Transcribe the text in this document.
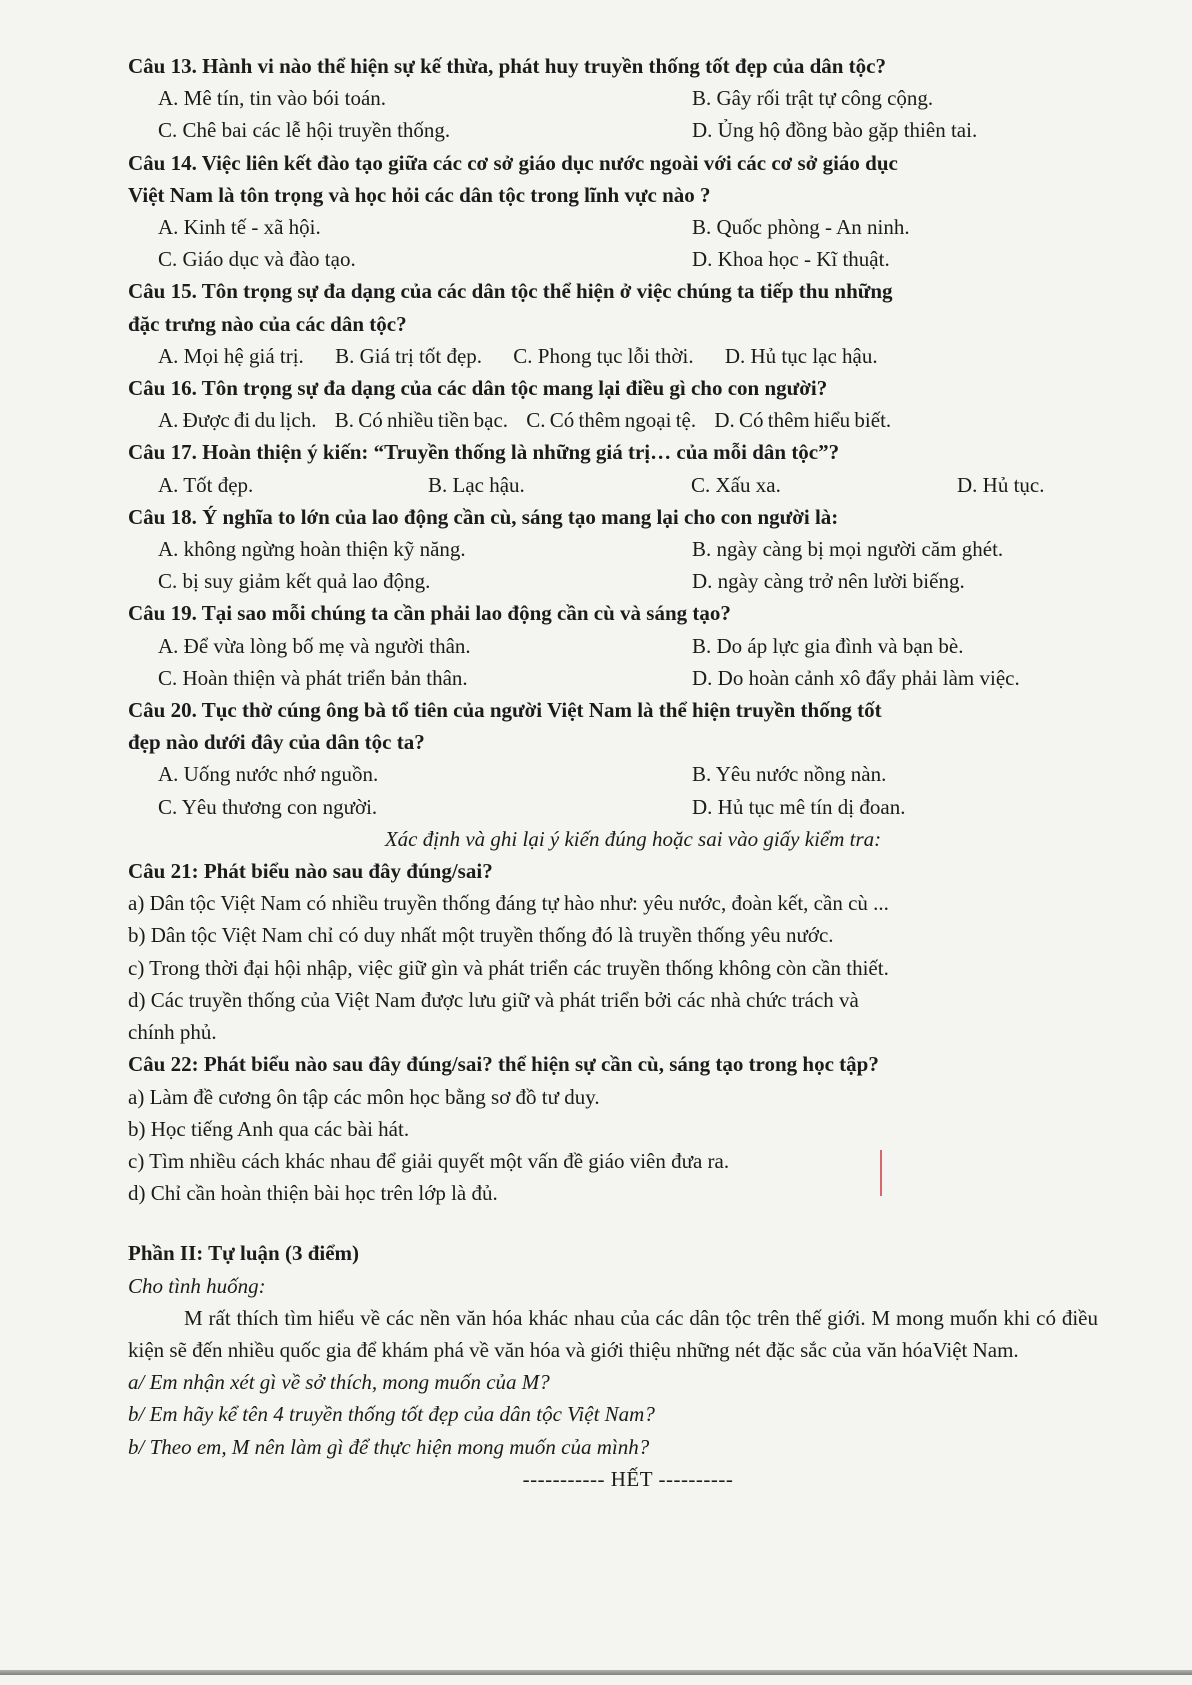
Câu 13. Hành vi nào thể hiện sự kế thừa, phát huy truyền thống tốt đẹp của dân tộc?
A. Mê tín, tin vào bói toán.	B. Gây rối trật tự công cộng.
C. Chê bai các lễ hội truyền thống.	D. Ủng hộ đồng bào gặp thiên tai.
Câu 14. Việc liên kết đào tạo giữa các cơ sở giáo dục nước ngoài với các cơ sở giáo dục
Việt Nam là tôn trọng và học hỏi các dân tộc trong lĩnh vực nào ?
A. Kinh tế - xã hội.	B. Quốc phòng - An ninh.
C. Giáo dục và đào tạo.	D. Khoa học - Kĩ thuật.
Câu 15. Tôn trọng sự đa dạng của các dân tộc thể hiện ở việc chúng ta tiếp thu những
đặc trưng nào của các dân tộc?
A. Mọi hệ giá trị. B. Giá trị tốt đẹp. C. Phong tục lỗi thời. D. Hủ tục lạc hậu.
Câu 16. Tôn trọng sự đa dạng của các dân tộc mang lại điều gì cho con người?
A. Được đi du lịch. B. Có nhiều tiền bạc. C. Có thêm ngoại tệ. D. Có thêm hiểu biết.
Câu 17. Hoàn thiện ý kiến: “Truyền thống là những giá trị… của mỗi dân tộc”?
A. Tốt đẹp.	B. Lạc hậu.	C. Xấu xa.	D. Hủ tục.
Câu 18. Ý nghĩa to lớn của lao động cần cù, sáng tạo mang lại cho con người là:
A. không ngừng hoàn thiện kỹ năng.	B. ngày càng bị mọi người căm ghét.
C. bị suy giảm kết quả lao động.	D. ngày càng trở nên lười biếng.
Câu 19. Tại sao mỗi chúng ta cần phải lao động cần cù và sáng tạo?
A. Để vừa lòng bố mẹ và người thân.	B. Do áp lực gia đình và bạn bè.
C. Hoàn thiện và phát triển bản thân.	D. Do hoàn cảnh xô đẩy phải làm việc.
Câu 20. Tục thờ cúng ông bà tổ tiên của người Việt Nam là thể hiện truyền thống tốt
đẹp nào dưới đây của dân tộc ta?
A. Uống nước nhớ nguồn.	B. Yêu nước nồng nàn.
C. Yêu thương con người.	D. Hủ tục mê tín dị đoan.
Xác định và ghi lại ý kiến đúng hoặc sai vào giấy kiểm tra:
Câu 21: Phát biểu nào sau đây đúng/sai?
a) Dân tộc Việt Nam có nhiều truyền thống đáng tự hào như: yêu nước, đoàn kết, cần cù ...
b) Dân tộc Việt Nam chỉ có duy nhất một truyền thống đó là truyền thống yêu nước.
c) Trong thời đại hội nhập, việc giữ gìn và phát triển các truyền thống không còn cần thiết.
d) Các truyền thống của Việt Nam được lưu giữ và phát triển bởi các nhà chức trách và
chính phủ.
Câu 22: Phát biểu nào sau đây đúng/sai? thể hiện sự cần cù, sáng tạo trong học tập?
a) Làm đề cương ôn tập các môn học bằng sơ đồ tư duy.
b) Học tiếng Anh qua các bài hát.
c) Tìm nhiều cách khác nhau để giải quyết một vấn đề giáo viên đưa ra.
d) Chỉ cần hoàn thiện bài học trên lớp là đủ.
Phần II: Tự luận (3 điểm)
Cho tình huống:
M rất thích tìm hiểu về các nền văn hóa khác nhau của các dân tộc trên thế giới. M mong muốn khi có điều kiện sẽ đến nhiều quốc gia để khám phá về văn hóa và giới thiệu những nét đặc sắc của văn hóaViệt Nam.
a/ Em nhận xét gì về sở thích, mong muốn của M?
b/ Em hãy kể tên 4 truyền thống tốt đẹp của dân tộc Việt Nam?
b/ Theo em, M nên làm gì để thực hiện mong muốn của mình?
----------- HẾT ----------
